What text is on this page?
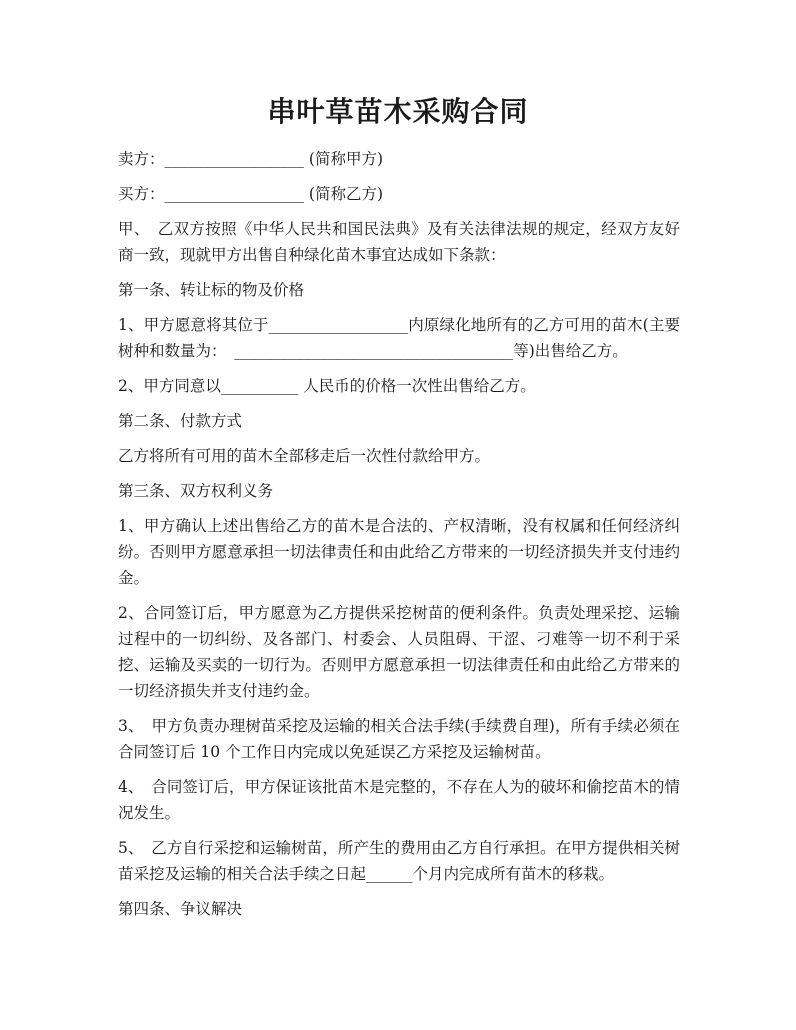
串叶草苗木采购合同

卖方：__________________ (简称甲方)

买方：__________________ (简称乙方)

甲、　乙双方按照《中华人民共和国民法典》及有关法律法规的规定，经双方友好商一致，现就甲方出售自种绿化苗木事宜达成如下条款：

第一条、转让标的物及价格

1、甲方愿意将其位于__________________内原绿化地所有的乙方可用的苗木(主要树种和数量为：　____________________________________等)出售给乙方。

2、甲方同意以__________ 人民币的价格一次性出售给乙方。

第二条、付款方式

乙方将所有可用的苗木全部移走后一次性付款给甲方。

第三条、双方权利义务

1、甲方确认上述出售给乙方的苗木是合法的、产权清晰，没有权属和任何经济纠纷。否则甲方愿意承担一切法律责任和由此给乙方带来的一切经济损失并支付违约金。

2、合同签订后，甲方愿意为乙方提供采挖树苗的便利条件。负责处理采挖、运输过程中的一切纠纷、及各部门、村委会、人员阻碍、干涩、刁难等一切不利于采挖、运输及买卖的一切行为。否则甲方愿意承担一切法律责任和由此给乙方带来的一切经济损失并支付违约金。

3、　甲方负责办理树苗采挖及运输的相关合法手续(手续费自理)，所有手续必须在合同签订后 10 个工作日内完成以免延误乙方采挖及运输树苗。

4、　合同签订后，甲方保证该批苗木是完整的，不存在人为的破坏和偷挖苗木的情况发生。

5、　乙方自行采挖和运输树苗，所产生的费用由乙方自行承担。在甲方提供相关树苗采挖及运输的相关合法手续之日起______个月内完成所有苗木的移栽。

第四条、争议解决
